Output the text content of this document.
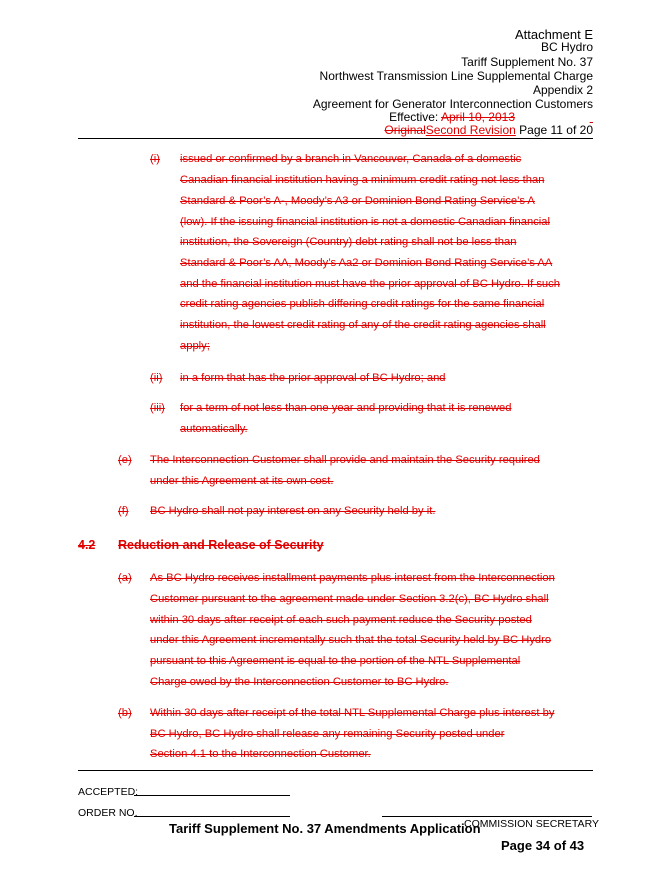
Attachment E
BC Hydro
Tariff Supplement No. 37
Northwest Transmission Line Supplemental Charge
Appendix 2
Agreement for Generator Interconnection Customers
Effective: April 10, 2013
OriginalSecond Revision Page 11 of 20
(i) issued or confirmed by a branch in Vancouver, Canada of a domestic
Canadian financial institution having a minimum credit rating not less than
Standard & Poor’s A-, Moody’s A3 or Dominion Bond Rating Service’s A
(low). If the issuing financial institution is not a domestic Canadian financial
institution, the Sovereign (Country) debt rating shall not be less than
Standard & Poor’s AA, Moody’s Aa2 or Dominion Bond Rating Service’s AA
and the financial institution must have the prior approval of BC Hydro. If such
credit rating agencies publish differing credit ratings for the same financial
institution, the lowest credit rating of any of the credit rating agencies shall
apply;
(ii) in a form that has the prior approval of BC Hydro; and
(iii) for a term of not less than one year and providing that it is renewed
automatically.
(e) The Interconnection Customer shall provide and maintain the Security required
under this Agreement at its own cost.
(f) BC Hydro shall not pay interest on any Security held by it.
4.2 Reduction and Release of Security
(a) As BC Hydro receives installment payments plus interest from the Interconnection
Customer pursuant to the agreement made under Section 3.2(c), BC Hydro shall
within 30 days after receipt of each such payment reduce the Security posted
under this Agreement incrementally such that the total Security held by BC Hydro
pursuant to this Agreement is equal to the portion of the NTL Supplemental
Charge owed by the Interconnection Customer to BC Hydro.
(b) Within 30 days after receipt of the total NTL Supplemental Charge plus interest by
BC Hydro, BC Hydro shall release any remaining Security posted under
Section 4.1 to the Interconnection Customer.
ACCEPTED:
ORDER NO.
COMMISSION SECRETARY
Tariff Supplement No. 37 Amendments Application
Page 34 of 43
